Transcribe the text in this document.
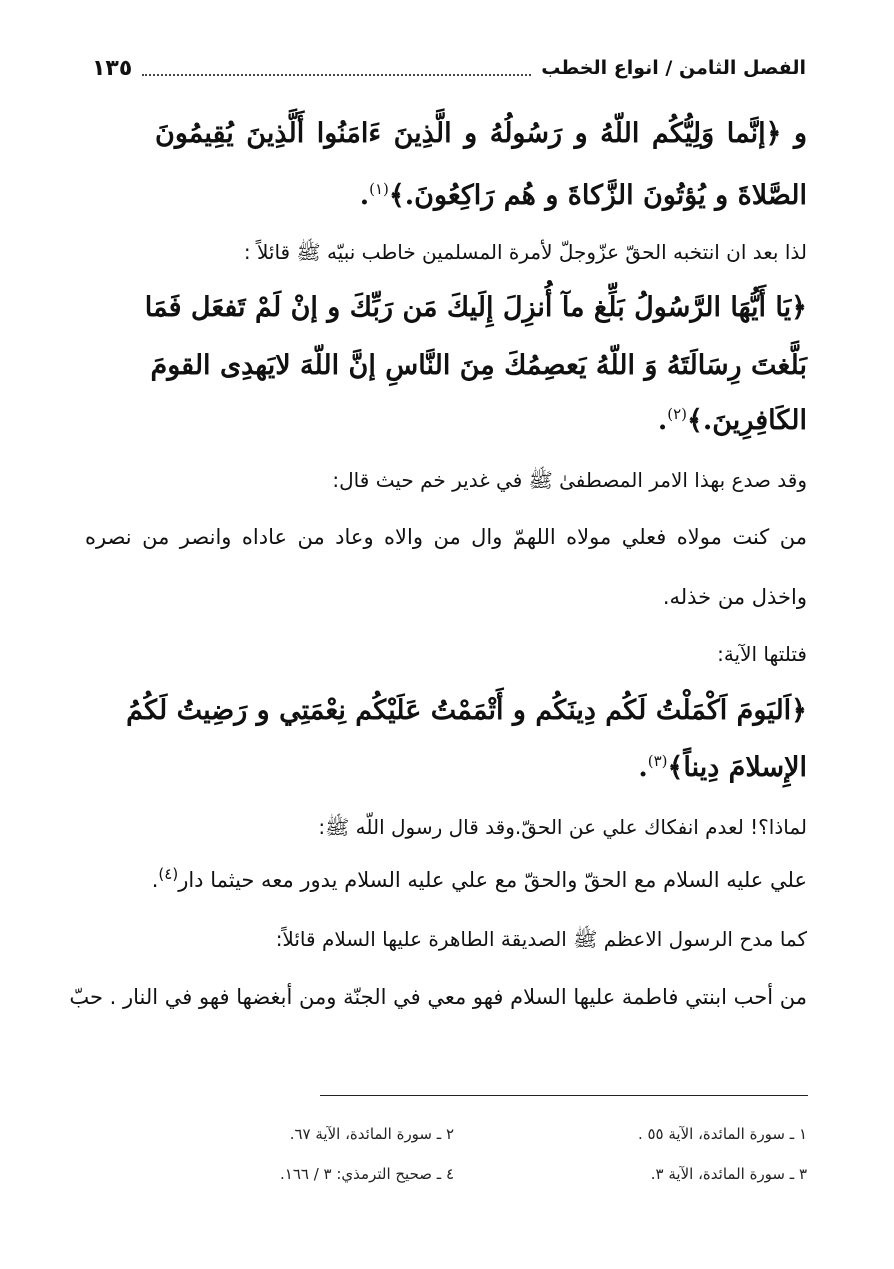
الفصل الثامن / انواع الخطب
١٣٥
و ﴿إنَّما وَلِيُّكُم اللّهُ و رَسُولُهُ و الَّذِينَ ءَامَنُوا أَلَّذِينَ يُقِيمُونَ
الصَّلاةَ و يُؤتُونَ الزَّكاةَ و هُم رَاكِعُونَ.﴾$^{(١)}$.
لذا بعد ان انتخبه الحقّ عزّوجلّ لأمرة المسلمين خاطب نبيّه ﷺ قائلاً :
﴿يَا أَيُّهَا الرَّسُولُ بَلِّغ مآ أُنزِلَ إِلَيكَ مَن رَبِّكَ و إنْ لَمْ تَفعَل فَمَا
بَلَّغتَ رِسَالَتَهُ وَ اللّهُ يَعصِمُكَ مِنَ النَّاسِ إنَّ اللّهَ لايَهدِى القومَ
الكَافِرِينَ.﴾$^{(٢)}$.
وقد صدع بهذا الامر المصطفىٰ ﷺ في غدير خم حيث قال:
من كنت مولاه فعلي مولاه اللهمّ وال من والاه وعاد من عاداه وانصر من نصره
واخذل من خذله.
فتلتها الآية:
﴿اَليَومَ اَكْمَلْتُ لَكُم دِينَكُم و أَتْمَمْتُ عَلَيْكُم نِعْمَتِي و رَضِيتُ لَكُمُ
الإِسلامَ دِيناً﴾$^{(٣)}$.
لماذا؟! لعدم انفكاك علي عن الحقّ.وقد قال رسول اللّه ﷺ:
علي عليه السلام مع الحقّ والحقّ مع علي عليه السلام يدور معه حيثما دار$^{(٤)}$.
كما مدح الرسول الاعظم ﷺ الصديقة الطاهرة عليها السلام قائلاً:
من أحب ابنتي فاطمة عليها السلام فهو معي في الجنّة ومن أبغضها فهو في النار . حبّ
١ ـ سورة المائدة، الآية ٥٥ .
٢ ـ سورة المائدة، الآية ٦٧.
٣ ـ سورة المائدة، الآية ٣.
٤ ـ صحيح الترمذي: ٣ / ١٦٦.
